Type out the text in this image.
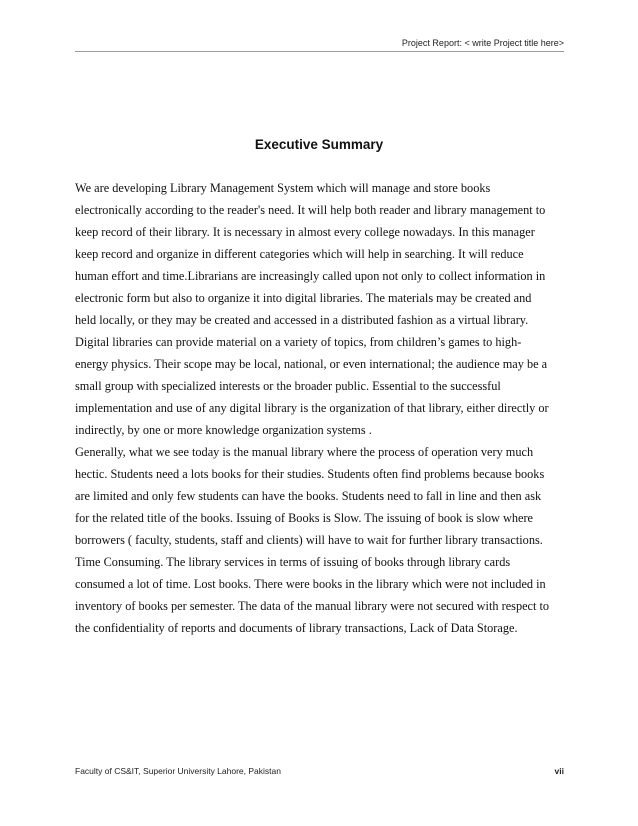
Project Report: < write Project title here>
Executive Summary
We are developing Library Management System which will manage and store books
electronically according to the reader's need. It will help both reader and library management to
keep record of their library. It is necessary in almost every college nowadays. In this manager
keep record and organize in different categories which will help in searching. It will reduce
human effort and time.Librarians are increasingly called upon not only to collect information in
electronic form but also to organize it into digital libraries. The materials may be created and
held locally, or they may be created and accessed in a distributed fashion as a virtual library.
Digital libraries can provide material on a variety of topics, from children’s games to high-
energy physics. Their scope may be local, national, or even international; the audience may be a
small group with specialized interests or the broader public. Essential to the successful
implementation and use of any digital library is the organization of that library, either directly or
indirectly, by one or more knowledge organization systems .
Generally, what we see today is the manual library where the process of operation very much
hectic. Students need a lots books for their studies. Students often find problems because books
are limited and only few students can have the books. Students need to fall in line and then ask
for the related title of the books. Issuing of Books is Slow. The issuing of book is slow where
borrowers ( faculty, students, staff and clients) will have to wait for further library transactions.
Time Consuming. The library services in terms of issuing of books through library cards
consumed a lot of time. Lost books. There were books in the library which were not included in
inventory of books per semester. The data of the manual library were not secured with respect to
the confidentiality of reports and documents of library transactions, Lack of Data Storage.
Faculty of CS&IT, Superior University Lahore, Pakistan	vii
